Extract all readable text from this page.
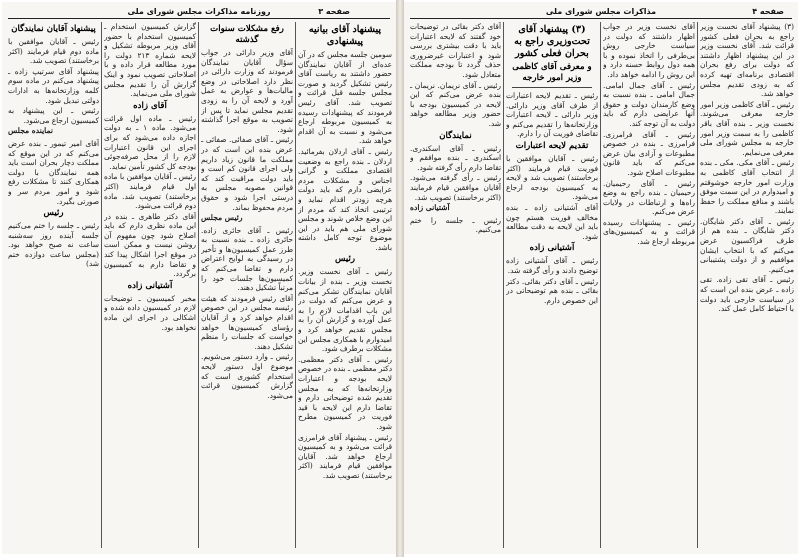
صفحه ۳
روزنامه مذاکرات مجلس شورای ملی
پیشنهاد آقای بیانیه پیشنهادی

سومین جلسه مجلس که در آن عده‌ای از آقایان نمایندگان حضور داشتند به ریاست آقای رئیس تشکیل گردید و صورت مجلس جلسه قبل قرائت و تصویب شد. آقای رئیس فرمودند که پیشنهادات رسیده به کمیسیون مربوطه ارجاع می‌شود و نسبت به آن اقدام خواهد شد.

رئیس ـ آقای اردلان بفرمائید. اردلان ـ بنده راجع به وضعیت اقتصادی مملکت و گرانی اجناس و مشکلات مردم عرایضی دارم که باید دولت هرچه زودتر اقدام نماید و ترتیبی اتخاذ کند که مردم از این وضع خلاص شوند و مجلس شورای ملی هم باید در این موضوع توجه کامل داشته باشد.

رئیس

رئیس ـ آقای نخست وزیر. نخست وزیر ـ بنده از بیانات آقایان نمایندگان تشکر می‌کنم و عرض می‌کنم که دولت در این باب اقدامات لازم را به عمل آورده و گزارش آن را به مجلس تقدیم خواهد کرد و امیدوارم با همکاری مجلس این مشکلات برطرف شود.

رئیس ـ آقای دکتر معظمی. دکتر معظمی ـ بنده در خصوص لایحه بودجه و اعتبارات وزارتخانه‌ها که به مجلس تقدیم شده توضیحاتی دارم و تقاضا دارم این لایحه با قید فوریت در کمیسیون مطرح شود.

رئیس ـ پیشنهاد آقای فرامرزی قرائت می‌شود و به کمیسیون ارجاع خواهد شد. آقایان موافقین قیام فرمایند (اکثر برخاستند) تصویب شد.

رفع مشکلات سنوات گذشته

آقای وزیر دارائی در جواب سؤال آقایان نمایندگان فرمودند که وزارت دارائی در نظر دارد اصلاحاتی در وضع مالیات‌ها و عوارض به عمل آورد و لایحه آن را به زودی تقدیم مجلس نماید تا پس از تصویب به موقع اجرا گذاشته شود.

رئیس ـ آقای صفائی. صفائی ـ عرض بنده این است که در مملکت ما قانون زیاد داریم ولی اجرای قانون کم است و باید دولت مراقبت کند که قوانین مصوبه مجلس به درستی اجرا شود و حقوق مردم محفوظ بماند.

رئیس مجلس

رئیس ـ آقای حائری زاده. حائری زاده ـ بنده نسبت به طرز عمل کمیسیون‌ها و تأخیر در رسیدگی به لوایح اعتراض دارم و تقاضا می‌کنم که کمیسیون‌ها جلسات خود را مرتباً تشکیل دهند.

آقای رئیس فرمودند که هیئت رئیسه مجلس در این خصوص اقدام خواهد کرد و از آقایان رؤسای کمیسیون‌ها خواهد خواست که جلسات را منظم تشکیل دهند.

رئیس ـ وارد دستور می‌شویم. موضوع اول دستور لایحه استخدام کشوری است که گزارش کمیسیون قرائت می‌شود.

گزارش کمیسیون استخدام ـ کمیسیون استخدام با حضور آقای وزیر مربوطه تشکیل و لایحه شماره ۲۱۳ دولت را مورد مطالعه قرار داده و با اصلاحاتی تصویب نمود و اینک گزارش آن را تقدیم مجلس شورای ملی می‌نماید.

آقای زاده

رئیس ـ ماده اول قرائت می‌شود. ماده ۱ ـ به دولت اجازه داده می‌شود که برای اجرای این قانون اعتبارات لازم را از محل صرفه‌جوئی بودجه کل کشور تأمین نماید.

رئیس ـ آقایان موافقین با ماده اول قیام فرمایند (اکثر برخاستند) تصویب شد. ماده دوم قرائت می‌شود.

آقای دکتر طاهری ـ بنده در این ماده نظری دارم که باید اصلاح شود چون مفهوم آن روشن نیست و ممکن است در موقع اجرا اشکال پیدا کند و تقاضا دارم به کمیسیون برگردد.

آشتیانی زاده

مخبر کمیسیون ـ توضیحات لازم در کمیسیون داده شده و اشکالی در اجرای این ماده نخواهد بود.

پیشنهاد آقایان نمایندگان

رئیس ـ آقایان موافقین با ماده دوم قیام فرمایند (اکثر برخاستند) تصویب شد.

پیشنهاد آقای سرتیپ زاده ـ پیشنهاد می‌کنم در ماده سوم کلمه وزارتخانه‌ها به ادارات دولتی تبدیل شود.

رئیس ـ این پیشنهاد به کمیسیون ارجاع می‌شود.

نماینده مجلس

آقای امیر تیمور ـ بنده عرض می‌کنم که در این موقع که مملکت دچار بحران است باید همه نمایندگان با دولت همکاری کنند تا مشکلات رفع شود و امور مردم سر و صورتی بگیرد.

رئیس

رئیس ـ جلسه را ختم می‌کنیم جلسه آینده روز سه‌شنبه ساعت نه صبح خواهد بود. (مجلس ساعت دوازده ختم شد)

صفحه ۴
مذاکرات مجلس شورای ملی

(۳) پیشنهاد آقای نخست وزیر راجع به بحران فعلی کشور قرائت شد. آقای نخست وزیر در این پیشنهاد اظهار داشتند که دولت برای رفع بحران اقتصادی برنامه‌ای تهیه کرده که به زودی تقدیم مجلس خواهد شد.

رئیس ـ آقای کاظمی وزیر امور خارجه معرفی می‌شوند. نخست وزیر ـ بنده آقای باقر کاظمی را به سمت وزیر امور خارجه به مجلس شورای ملی معرفی می‌نمایم.

رئیس ـ آقای مکی. مکی ـ بنده از انتخاب آقای کاظمی به وزارت امور خارجه خوشوقتم و امیدوارم در این سمت موفق باشند و منافع مملکت را حفظ نمایند.

رئیس ـ آقای دکتر شایگان. دکتر شایگان ـ بنده هم از طرف فراکسیون عرض می‌کنم که با انتخاب ایشان موافقیم و از دولت پشتیبانی می‌کنیم.

رئیس ـ آقای تقی زاده. تقی زاده ـ عرض بنده این است که در سیاست خارجی باید دولت با احتیاط کامل عمل کند.

آقای نخست وزیر در جواب اظهار داشتند که دولت در سیاست خارجی روش بی‌طرفی را اتخاذ نموده و با همه دول روابط حسنه دارد و این روش را ادامه خواهد داد.

رئیس ـ آقای جمال امامی. جمال امامی ـ بنده نسبت به وضع کارمندان دولت و حقوق آنها عرایضی دارم که باید دولت به آن توجه کند.

رئیس ـ آقای فرامرزی. فرامرزی ـ بنده در خصوص مطبوعات و آزادی بیان عرض می‌کنم که باید قانون مطبوعات اصلاح شود.

رئیس ـ آقای رحیمیان. رحیمیان ـ بنده راجع به وضع راه‌ها و ارتباطات در ولایات عرض می‌کنم.

رئیس ـ پیشنهادات رسیده قرائت و به کمیسیون‌های مربوطه ارجاع شد.

(۳) پیشنهاد آقای تحت‌وزیری راجع به بحران فعلی کشور
و معرفی آقای کاظمی وزیر امور خارجه

رئیس ـ تقدیم لایحه اعتبارات از طرف آقای وزیر دارائی. وزیر دارائی ـ لایحه اعتبارات وزارتخانه‌ها را تقدیم می‌کنم و تقاضای فوریت آن را دارم.

تقدیم لایحه اعتبارات

رئیس ـ آقایان موافقین با فوریت قیام فرمایند (اکثر برخاستند) تصویب شد و لایحه به کمیسیون بودجه ارجاع می‌شود.

آقای آشتیانی زاده ـ بنده مخالف فوریت هستم چون باید این لایحه به دقت مطالعه شود.

آشتیانی زاده

رئیس ـ آقای آشتیانی زاده توضیح دادند و رأی گرفته شد.

رئیس ـ آقای دکتر بقائی. دکتر بقائی ـ بنده هم توضیحاتی در این خصوص دارم.

آقای دکتر بقائی در توضیحات خود گفتند که لایحه اعتبارات باید با دقت بیشتری بررسی شود و اعتبارات غیرضروری حذف گردد تا بودجه مملکت متعادل شود.

رئیس ـ آقای نریمان. نریمان ـ بنده عرض می‌کنم که این لایحه در کمیسیون بودجه با حضور وزیر مطالعه خواهد شد.

نمایندگان

رئیس ـ آقای اسکندری. اسکندری ـ بنده موافقم و تقاضا دارم رأی گرفته شود.

رئیس ـ رأی گرفته می‌شود. آقایان موافقین قیام فرمایند (اکثر برخاستند) تصویب شد.

آشتیانی زاده

رئیس ـ جلسه را ختم می‌کنیم.
